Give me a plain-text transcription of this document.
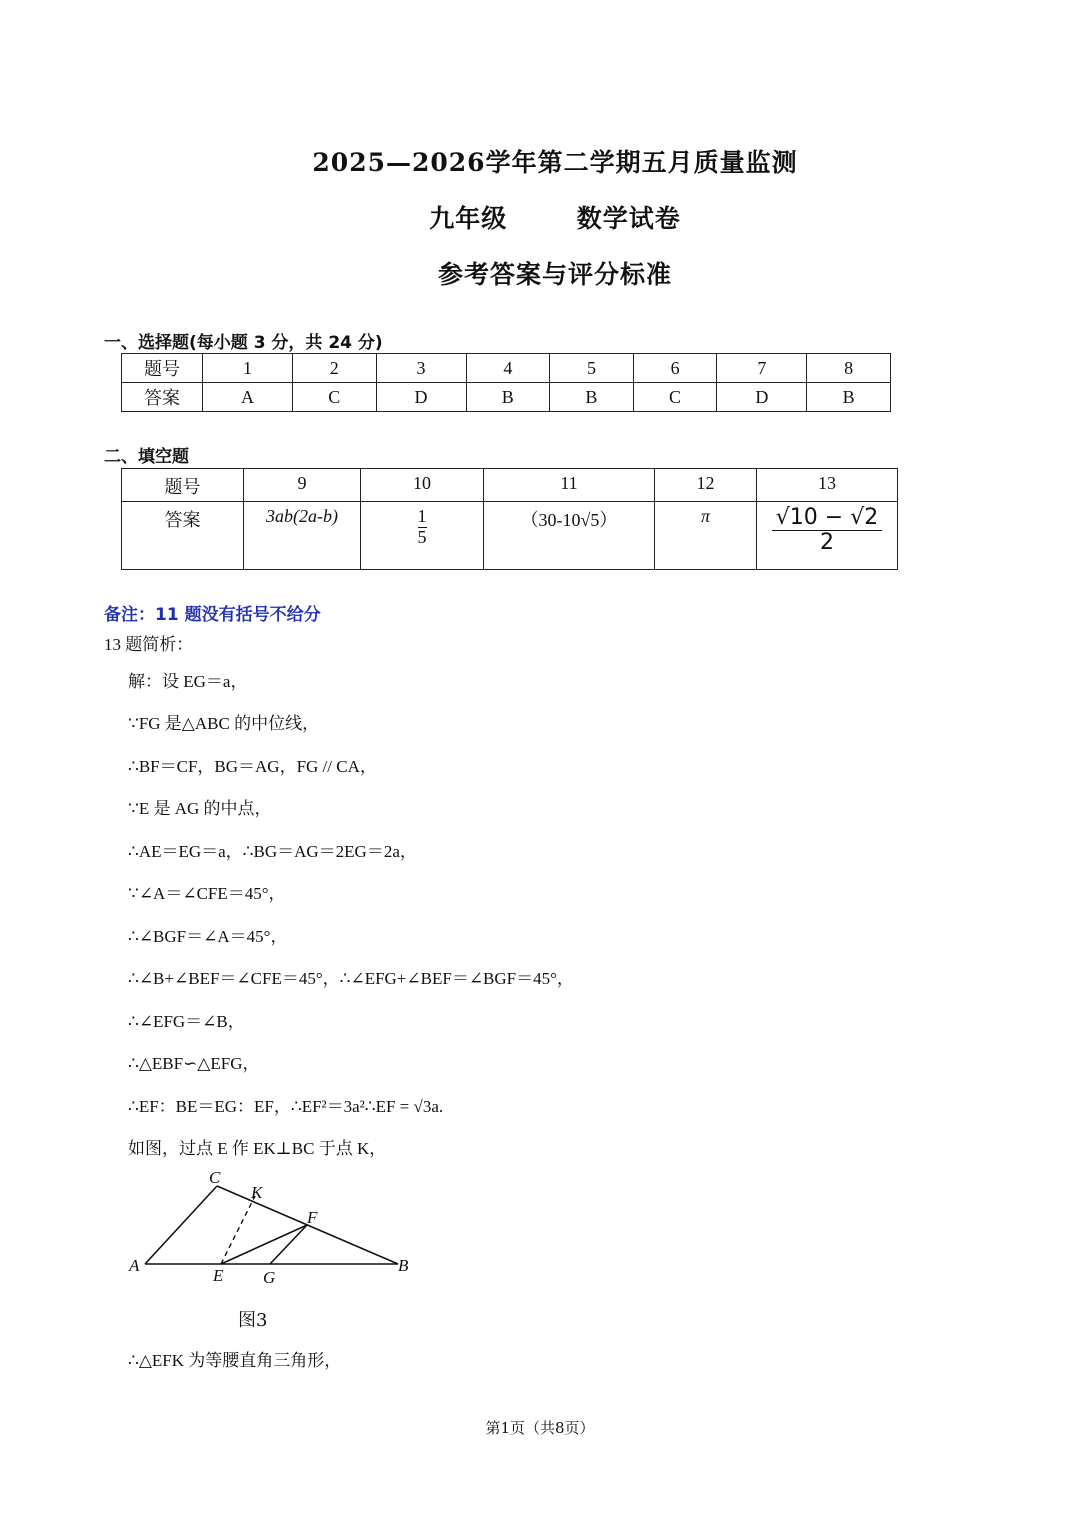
2025—2026学年第二学期五月质量监测
九年级	数学试卷
参考答案与评分标准
一、选择题(每小题 3 分，共 24 分)
题号	1	2	3	4	5	6	7	8
答案	A	C	D	B	B	C	D	B
二、填空题
题号	9	10	11	12	13
答案	3ab(2a-b)	$\frac{1}{5}$	（30-10√5）	π	$\frac{√10 - √2}{2}$
备注：11 题没有括号不给分
13 题简析：
解：设 EG＝a，
∵FG 是△ABC 的中位线，
∴BF＝CF，BG＝AG，FG // CA，
∵E 是 AG 的中点，
∴AE＝EG＝a，∴BG＝AG＝2EG＝2a，
∵∠A＝∠CFE＝45°，
∴∠BGF＝∠A＝45°，
∴∠B+∠BEF＝∠CFE＝45°，∴∠EFG+∠BEF＝∠BGF＝45°，
∴∠EFG＝∠B，
∴△EBF∽△EFG，
∴EF：BE＝EG：EF，∴EF²＝3a²∴EF = √3a.
如图，过点 E 作 EK⊥BC 于点 K，
C
K
F
A
E G
B
图3
∴△EFK 为等腰直角三角形，
第1页（共8页）
